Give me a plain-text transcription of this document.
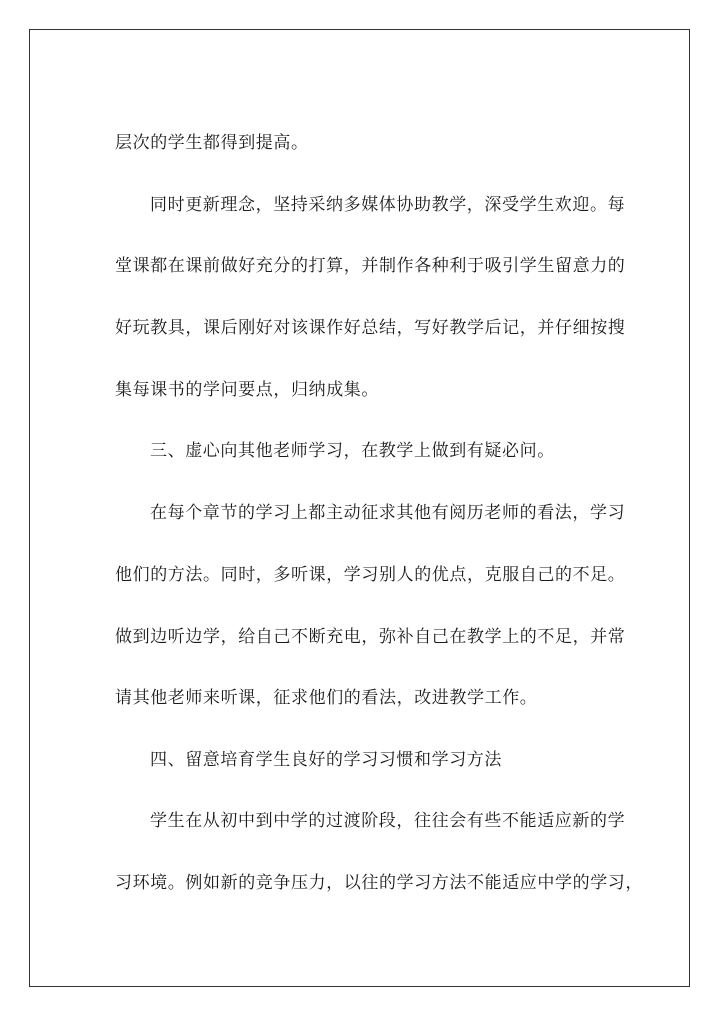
层次的学生都得到提高。
同时更新理念，坚持采纳多媒体协助教学，深受学生欢迎。每
堂课都在课前做好充分的打算，并制作各种利于吸引学生留意力的
好玩教具，课后刚好对该课作好总结，写好教学后记，并仔细按搜
集每课书的学问要点，归纳成集。
三、虚心向其他老师学习，在教学上做到有疑必问。
在每个章节的学习上都主动征求其他有阅历老师的看法，学习
他们的方法。同时，多听课，学习别人的优点，克服自己的不足。
做到边听边学，给自己不断充电，弥补自己在教学上的不足，并常
请其他老师来听课，征求他们的看法，改进教学工作。
四、留意培育学生良好的学习习惯和学习方法
学生在从初中到中学的过渡阶段，往往会有些不能适应新的学
习环境。例如新的竞争压力，以往的学习方法不能适应中学的学习，
